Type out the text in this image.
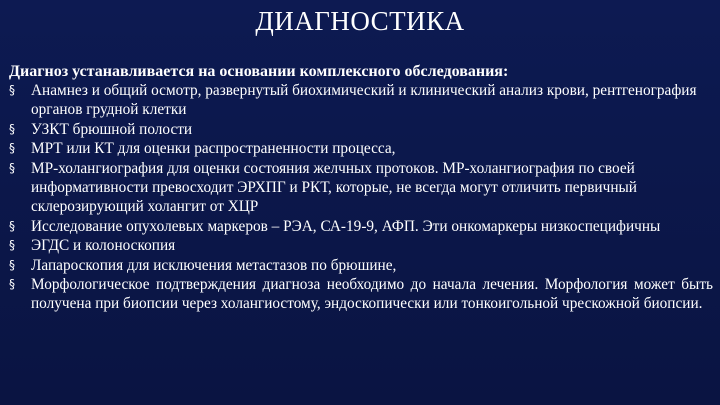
ДИАГНОСТИКА
Диагноз устанавливается на основании комплексного обследования:
§	Анамнез и общий осмотр, развернутый биохимический и клинический анализ крови, рентгенография органов грудной клетки
§	УЗКТ брюшной полости
§	МРТ или КТ для оценки распространенности процесса,
§	МР-холангиография для оценки состояния желчных протоков. МР-холангиография по своей информативности превосходит ЭРХПГ и РКТ, которые, не всегда могут отличить первичный склерозирующий холангит от ХЦР
§	Исследование опухолевых маркеров – РЭА, СА-19-9, АФП. Эти онкомаркеры низкоспецифичны
§	ЭГДС и колоноскопия
§	Лапароскопия для исключения метастазов по брюшине,
§	Морфологическое подтверждения диагноза необходимо до начала лечения. Морфология может быть получена при биопсии через холангиостому, эндоскопически или тонкоигольной чрескожной биопсии.
